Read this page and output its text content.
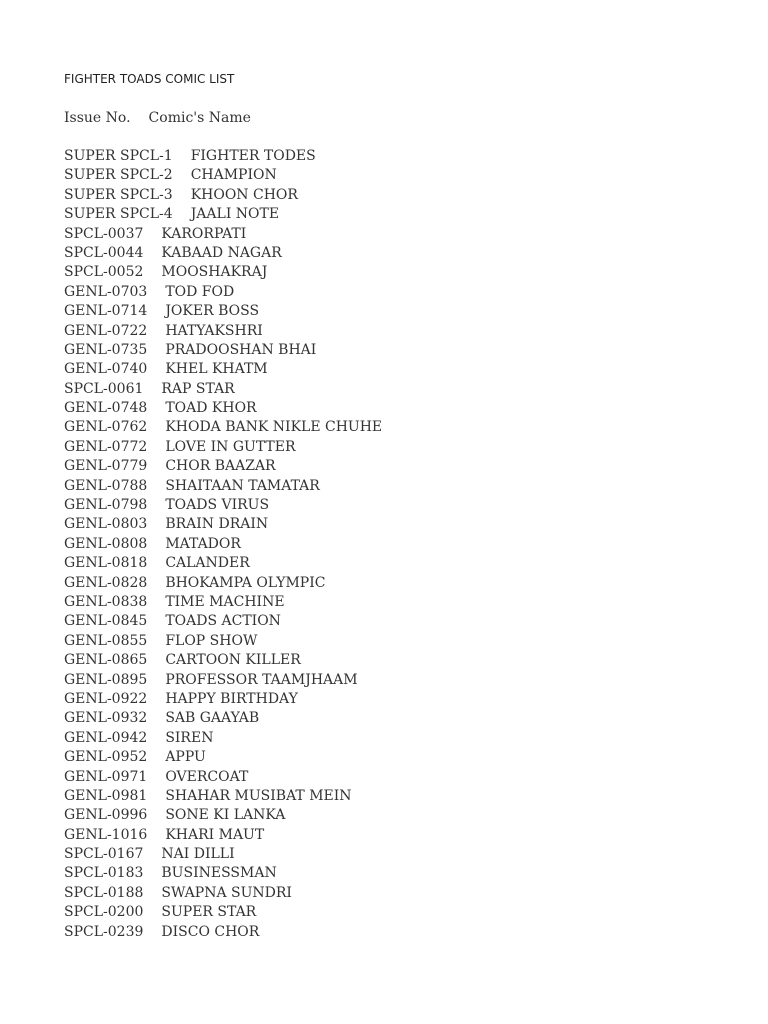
FIGHTER TOADS COMIC LIST
Issue No. Comic's Name
SUPER SPCL-1 FIGHTER TODES
SUPER SPCL-2 CHAMPION
SUPER SPCL-3 KHOON CHOR
SUPER SPCL-4 JAALI NOTE
SPCL-0037 KARORPATI
SPCL-0044 KABAAD NAGAR
SPCL-0052 MOOSHAKRAJ
GENL-0703 TOD FOD
GENL-0714 JOKER BOSS
GENL-0722 HATYAKSHRI
GENL-0735 PRADOOSHAN BHAI
GENL-0740 KHEL KHATM
SPCL-0061 RAP STAR
GENL-0748 TOAD KHOR
GENL-0762 KHODA BANK NIKLE CHUHE
GENL-0772 LOVE IN GUTTER
GENL-0779 CHOR BAAZAR
GENL-0788 SHAITAAN TAMATAR
GENL-0798 TOADS VIRUS
GENL-0803 BRAIN DRAIN
GENL-0808 MATADOR
GENL-0818 CALANDER
GENL-0828 BHOKAMPA OLYMPIC
GENL-0838 TIME MACHINE
GENL-0845 TOADS ACTION
GENL-0855 FLOP SHOW
GENL-0865 CARTOON KILLER
GENL-0895 PROFESSOR TAAMJHAAM
GENL-0922 HAPPY BIRTHDAY
GENL-0932 SAB GAAYAB
GENL-0942 SIREN
GENL-0952 APPU
GENL-0971 OVERCOAT
GENL-0981 SHAHAR MUSIBAT MEIN
GENL-0996 SONE KI LANKA
GENL-1016 KHARI MAUT
SPCL-0167 NAI DILLI
SPCL-0183 BUSINESSMAN
SPCL-0188 SWAPNA SUNDRI
SPCL-0200 SUPER STAR
SPCL-0239 DISCO CHOR
